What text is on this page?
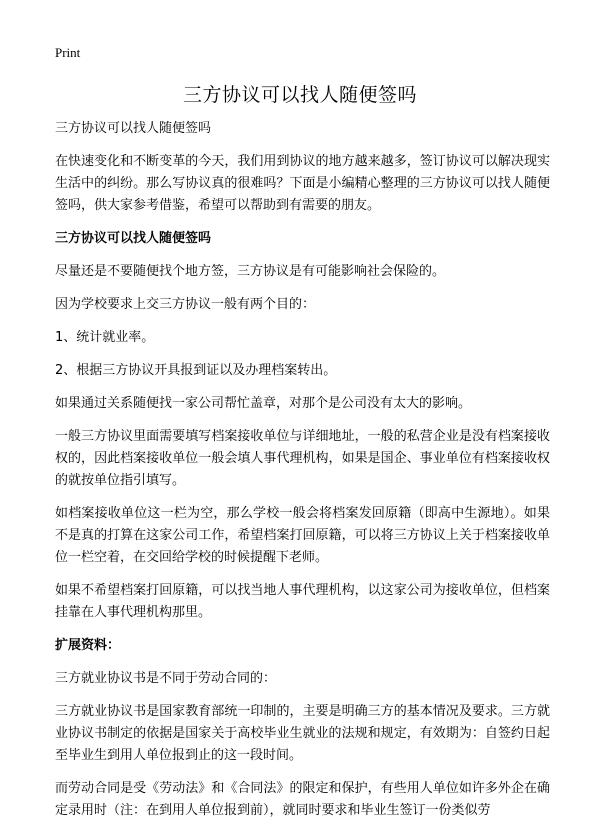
Print
三方协议可以找人随便签吗
三方协议可以找人随便签吗
在快速变化和不断变革的今天，我们用到协议的地方越来越多，签订协议可以解决现实生活中的纠纷。那么写协议真的很难吗？下面是小编精心整理的三方协议可以找人随便签吗，供大家参考借鉴，希望可以帮助到有需要的朋友。
三方协议可以找人随便签吗
尽量还是不要随便找个地方签，三方协议是有可能影响社会保险的。
因为学校要求上交三方协议一般有两个目的：
1、统计就业率。
2、根据三方协议开具报到证以及办理档案转出。
如果通过关系随便找一家公司帮忙盖章，对那个是公司没有太大的影响。
一般三方协议里面需要填写档案接收单位与详细地址，一般的私营企业是没有档案接收权的，因此档案接收单位一般会填人事代理机构，如果是国企、事业单位有档案接收权的就按单位指引填写。
如档案接收单位这一栏为空，那么学校一般会将档案发回原籍（即高中生源地）。如果不是真的打算在这家公司工作，希望档案打回原籍，可以将三方协议上关于档案接收单位一栏空着，在交回给学校的时候提醒下老师。
如果不希望档案打回原籍，可以找当地人事代理机构，以这家公司为接收单位，但档案挂靠在人事代理机构那里。
扩展资料：
三方就业协议书是不同于劳动合同的：
三方就业协议书是国家教育部统一印制的，主要是明确三方的基本情况及要求。三方就业协议书制定的依据是国家关于高校毕业生就业的法规和规定，有效期为：自签约日起至毕业生到用人单位报到止的这一段时间。
而劳动合同是受《劳动法》和《合同法》的限定和保护，有些用人单位如许多外企在确定录用时（注：在到用人单位报到前），就同时要求和毕业生签订一份类似劳
